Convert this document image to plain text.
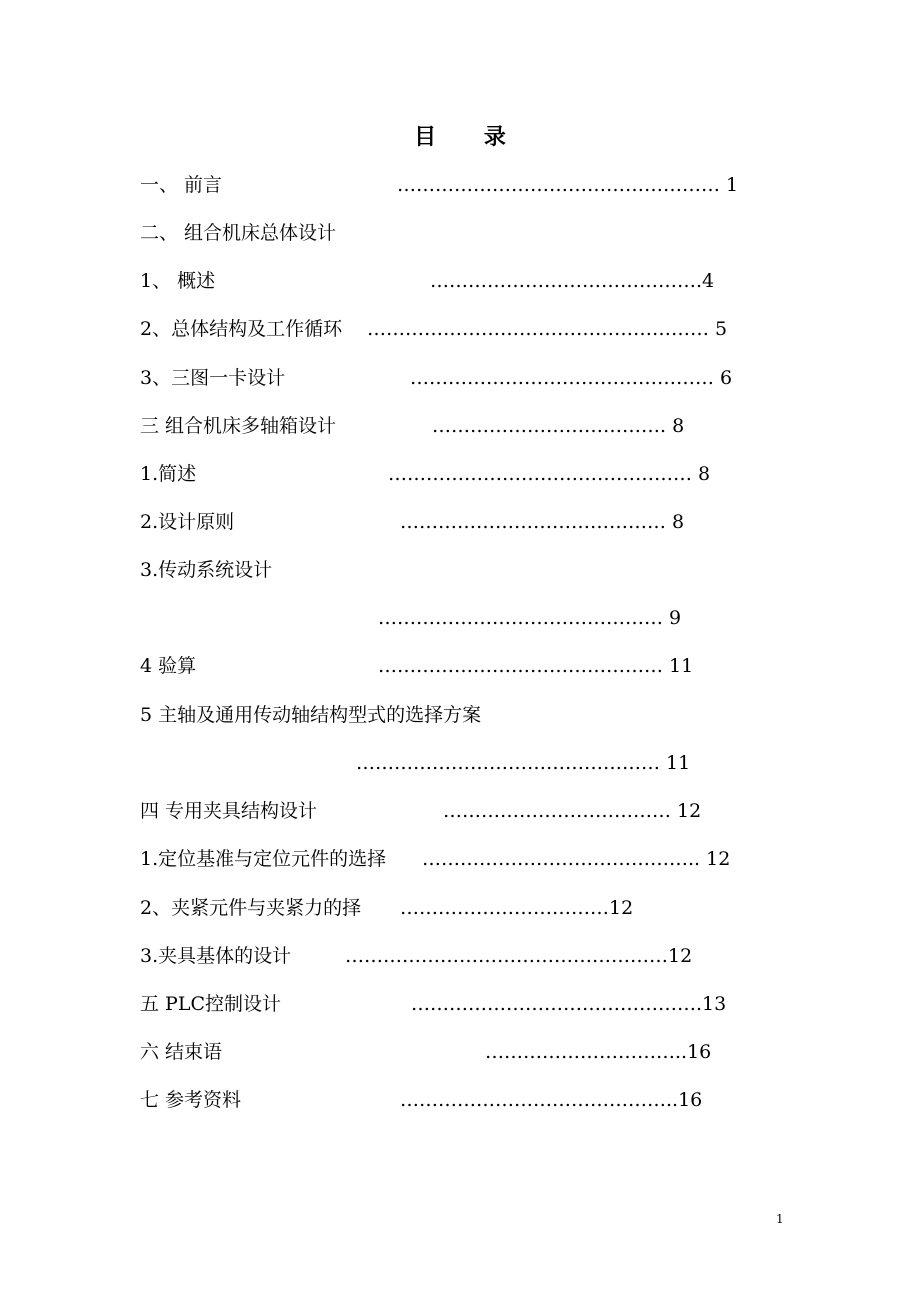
目 录
一、 前言	…………………………………………… 1
二、 组合机床总体设计
1、 概述	…………………………………….4
2、总体结构及工作循环 ……………………………………………… 5
3、三图一卡设计	………………………………………… 6
三 组合机床多轴箱设计	………………………………. 8
1.简述	………………………………………… 8
2.设计原则	…………………………………… 8
3.传动系统设计
……………………………………… 9
4 验算	……………………………………… 11
5 主轴及通用传动轴结构型式的选择方案
………………………………………… 11
四 专用夹具结构设计	……………………………… 12
1.定位基准与定位元件的选择 …………………………………….. 12
2、夹紧元件与夹紧力的择 ……………………………12
3.夹具基体的设计	……………………………………………12
五 PLC控制设计	……………………………………….13
六 结束语	…………………………..16
七 参考资料	……………………………………..16
1
